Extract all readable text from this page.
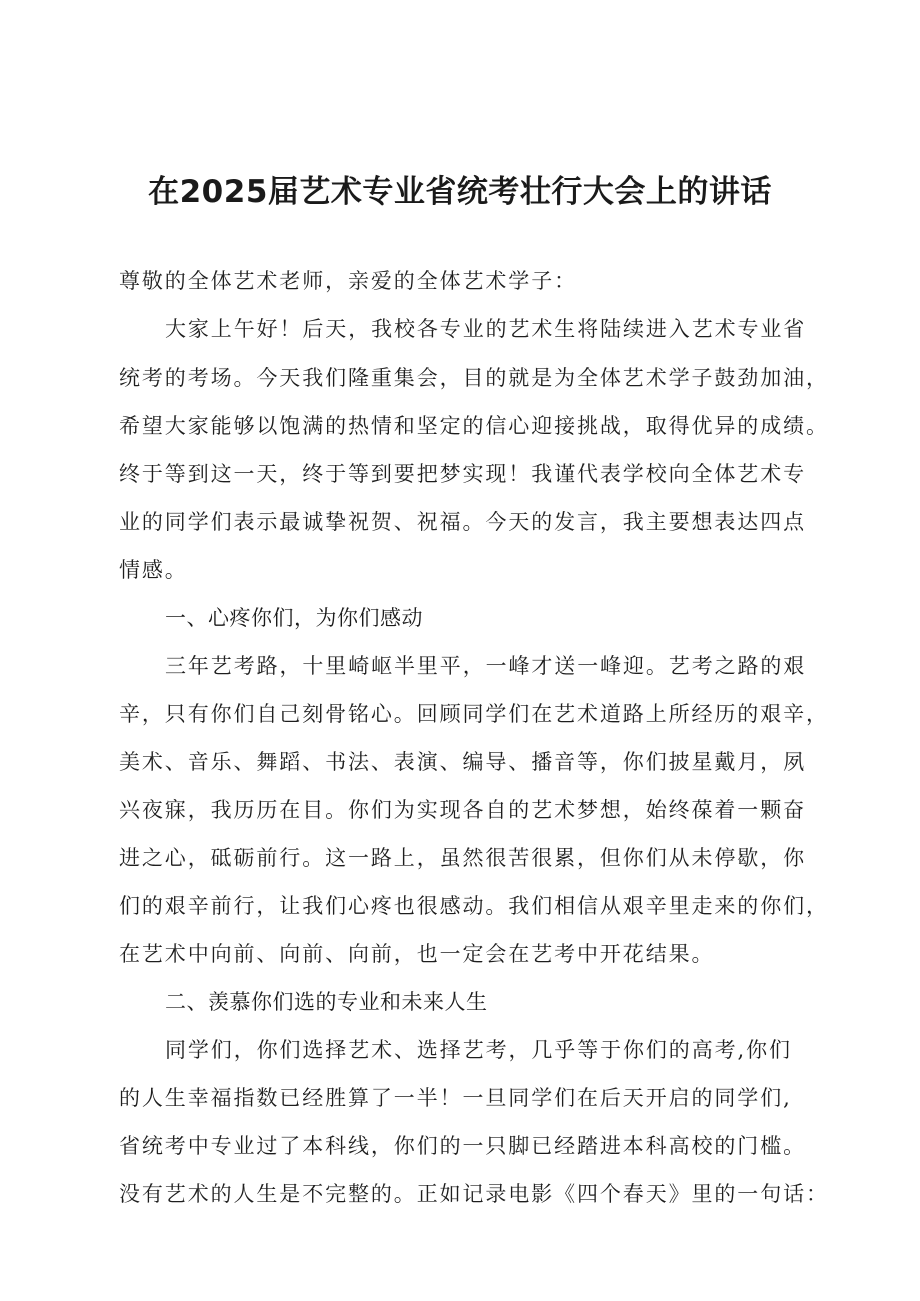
在2025届艺术专业省统考壮行大会上的讲话
尊敬的全体艺术老师，亲爱的全体艺术学子：
大家上午好！后天，我校各专业的艺术生将陆续进入艺术专业省
统考的考场。今天我们隆重集会，目的就是为全体艺术学子鼓劲加油，
希望大家能够以饱满的热情和坚定的信心迎接挑战，取得优异的成绩。
终于等到这一天，终于等到要把梦实现！我谨代表学校向全体艺术专
业的同学们表示最诚挚祝贺、祝福。今天的发言，我主要想表达四点
情感。
一、心疼你们，为你们感动
三年艺考路，十里崎岖半里平，一峰才送一峰迎。艺考之路的艰
辛，只有你们自己刻骨铭心。回顾同学们在艺术道路上所经历的艰辛，
美术、音乐、舞蹈、书法、表演、编导、播音等，你们披星戴月，夙
兴夜寐，我历历在目。你们为实现各自的艺术梦想，始终葆着一颗奋
进之心，砥砺前行。这一路上，虽然很苦很累，但你们从未停歇，你
们的艰辛前行，让我们心疼也很感动。我们相信从艰辛里走来的你们，
在艺术中向前、向前、向前，也一定会在艺考中开花结果。
二、羡慕你们选的专业和未来人生
同学们，你们选择艺术、选择艺考，几乎等于你们的高考,你们
的人生幸福指数已经胜算了一半！一旦同学们在后天开启的同学们,
省统考中专业过了本科线，你们的一只脚已经踏进本科高校的门槛。
没有艺术的人生是不完整的。正如记录电影《四个春天》里的一句话：
